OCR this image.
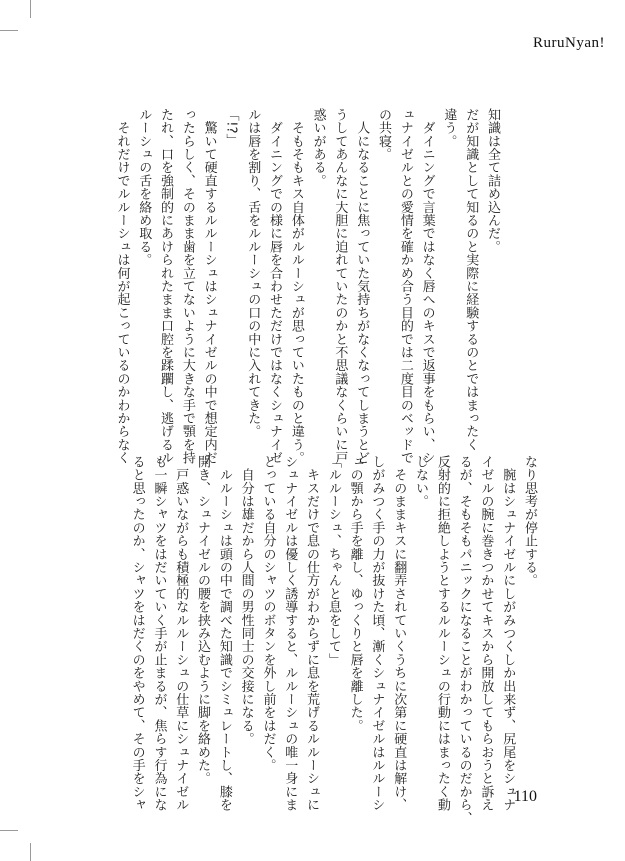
RuruNyan!
知識は全て詰め込んだ。
だが知識として知るのと実際に経験するのとではまったく
違う。
　ダイニングで言葉ではなく唇へのキスで返事をもらい、シ
ュナイゼルとの愛情を確かめ合う目的では二度目のベッドで
の共寝。
　人になることに焦っていた気持ちがなくなってしまうとど
うしてあんなに大胆に迫れていたのかと不思議なくらいに戸
惑いがある。
　そもそもキス自体がルルーシュが思っていたものと違う。
　ダイニングでの様に唇を合わせただけではなくシュナイゼ
ルは唇を割り、舌をルルーシュの口の中に入れてきた。
「!?」
　驚いて硬直するルルーシュはシュナイゼルの中で想定内だ
ったらしく、そのまま歯を立てないように大きな手で顎を持
たれ、口を強制的にあけられたまま口腔を蹂躙し、逃げるル
ルーシュの舌を絡め取る。
　それだけでルルーシュは何が起こっているのかわからなく
なり思考が停止する。
　腕はシュナイゼルにしがみつくしか出来ず、尻尾をシュナ
イゼルの腕に巻きつかせてキスから開放してもらおうと訴え
るが、そもそもパニックになることがわかっているのだから、
反射的に拒絶しようとするルルーシュの行動にはまったく動
じない。
　そのままキスに翻弄されていくうちに次第に硬直は解け、
しがみつく手の力が抜けた頃、漸くシュナイゼルはルルーシ
ュの顎から手を離し、ゆっくりと唇を離した。
「ルルーシュ、ちゃんと息をして」
　キスだけで息の仕方がわからずに息を荒げるルルーシュに
シュナイゼルは優しく誘導すると、ルルーシュの唯一身にま
とっている自分のシャツのボタンを外し前をはだく。
　自分は雄だから人間の男性同士の交接になる。
　ルルーシュは頭の中で調べた知識でシミュレートし、膝を
開き、シュナイゼルの腰を挟み込むように脚を絡めた。
　戸惑いながらも積極的なルルーシュの仕草にシュナイゼル
も一瞬シャツをはだいていく手が止まるが、焦らす行為にな
ると思ったのか、シャツをはだくのをやめて、その手をシャ	110
